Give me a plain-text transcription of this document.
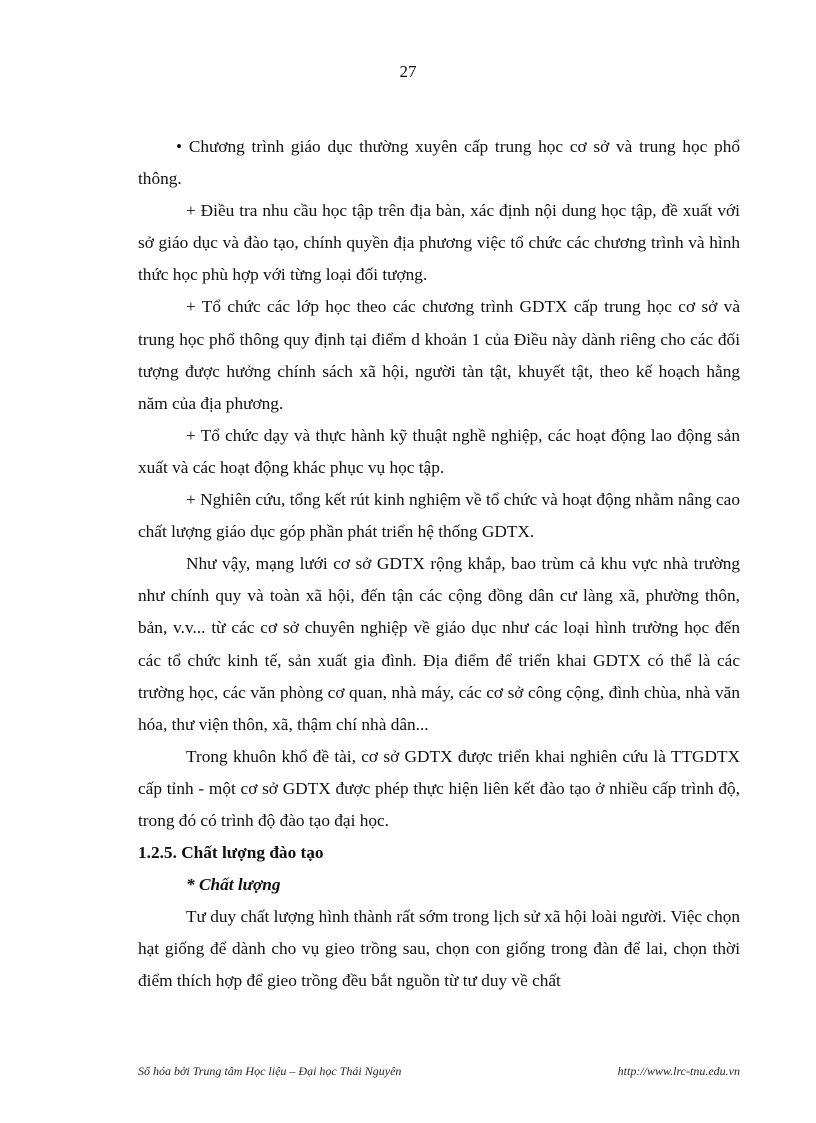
27

• Chương trình giáo dục thường xuyên cấp trung học cơ sở và trung học phổ thông.

+ Điều tra nhu cầu học tập trên địa bàn, xác định nội dung học tập, đề xuất với sở giáo dục và đào tạo, chính quyền địa phương việc tổ chức các chương trình và hình thức học phù hợp với từng loại đối tượng.

+ Tổ chức các lớp học theo các chương trình GDTX cấp trung học cơ sở và trung học phổ thông quy định tại điểm d khoản 1 của Điều này dành riêng cho các đối tượng được hưởng chính sách xã hội, người tàn tật, khuyết tật, theo kế hoạch hằng năm của địa phương.

+ Tổ chức dạy và thực hành kỹ thuật nghề nghiệp, các hoạt động lao động sản xuất và các hoạt động khác phục vụ học tập.

+ Nghiên cứu, tổng kết rút kinh nghiệm về tổ chức và hoạt động nhằm nâng cao chất lượng giáo dục góp phần phát triển hệ thống GDTX.

Như vậy, mạng lưới cơ sở GDTX rộng khắp, bao trùm cả khu vực nhà trường như chính quy và toàn xã hội, đến tận các cộng đồng dân cư làng xã, phường thôn, bản, v.v... từ các cơ sở chuyên nghiệp về giáo dục như các loại hình trường học đến các tổ chức kinh tế, sản xuất gia đình. Địa điểm để triển khai GDTX có thể là các trường học, các văn phòng cơ quan, nhà máy, các cơ sở công cộng, đình chùa, nhà văn hóa, thư viện thôn, xã, thậm chí nhà dân...

Trong khuôn khổ đề tài, cơ sở GDTX được triển khai nghiên cứu là TTGDTX cấp tỉnh - một cơ sở GDTX được phép thực hiện liên kết đào tạo ở nhiều cấp trình độ, trong đó có trình độ đào tạo đại học.

1.2.5. Chất lượng đào tạo

* Chất lượng

Tư duy chất lượng hình thành rất sớm trong lịch sử xã hội loài người. Việc chọn hạt giống để dành cho vụ gieo trồng sau, chọn con giống trong đàn để lai, chọn thời điểm thích hợp để gieo trồng đều bắt nguồn từ tư duy về chất

Số hóa bởi Trung tâm Học liệu – Đại học Thái Nguyên	http://www.lrc-tnu.edu.vn
